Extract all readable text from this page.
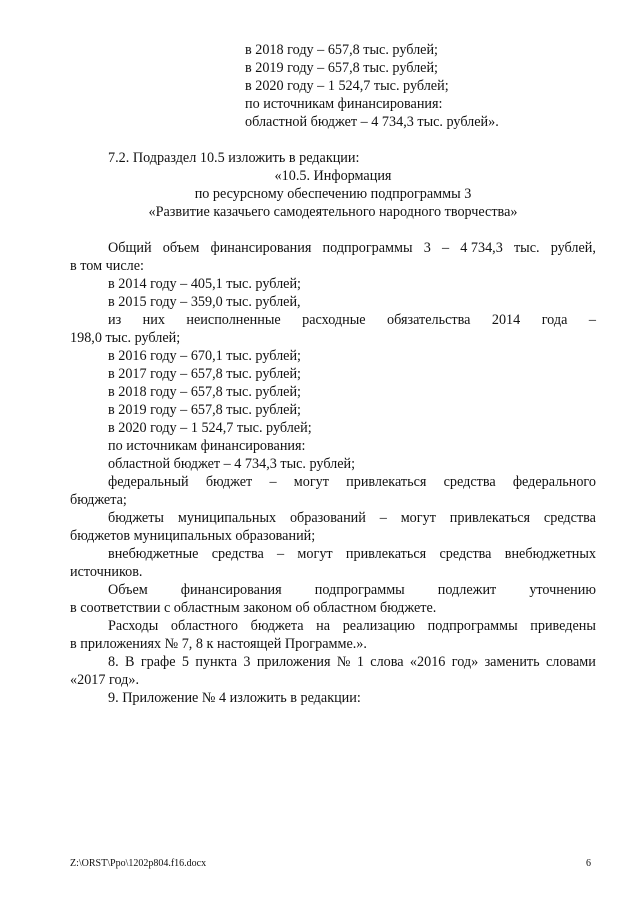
в 2018 году – 657,8 тыс. рублей;
в 2019 году – 657,8 тыс. рублей;
в 2020 году – 1 524,7 тыс. рублей;
по источникам финансирования:
областной бюджет – 4 734,3 тыс. рублей».
7.2. Подраздел 10.5 изложить в редакции:
«10.5. Информация
по ресурсному обеспечению подпрограммы 3
«Развитие казачьего самодеятельного народного творчества»
Общий объем финансирования подпрограммы 3 – 4 734,3 тыс. рублей,
в том числе:
в 2014 году – 405,1 тыс. рублей;
в 2015 году – 359,0 тыс. рублей,
из них неисполненные расходные обязательства 2014 года –
198,0 тыс. рублей;
в 2016 году – 670,1 тыс. рублей;
в 2017 году – 657,8 тыс. рублей;
в 2018 году – 657,8 тыс. рублей;
в 2019 году – 657,8 тыс. рублей;
в 2020 году – 1 524,7 тыс. рублей;
по источникам финансирования:
областной бюджет – 4 734,3 тыс. рублей;
федеральный бюджет – могут привлекаться средства федерального
бюджета;
бюджеты муниципальных образований – могут привлекаться средства
бюджетов муниципальных образований;
внебюджетные средства – могут привлекаться средства внебюджетных
источников.
Объем финансирования подпрограммы подлежит уточнению
в соответствии с областным законом об областном бюджете.
Расходы областного бюджета на реализацию подпрограммы приведены
в приложениях № 7, 8 к настоящей Программе.».
8. В графе 5 пункта 3 приложения № 1 слова «2016 год» заменить словами
«2017 год».
9. Приложение № 4 изложить в редакции:
Z:\ORST\Ppo\1202p804.f16.docx	6
